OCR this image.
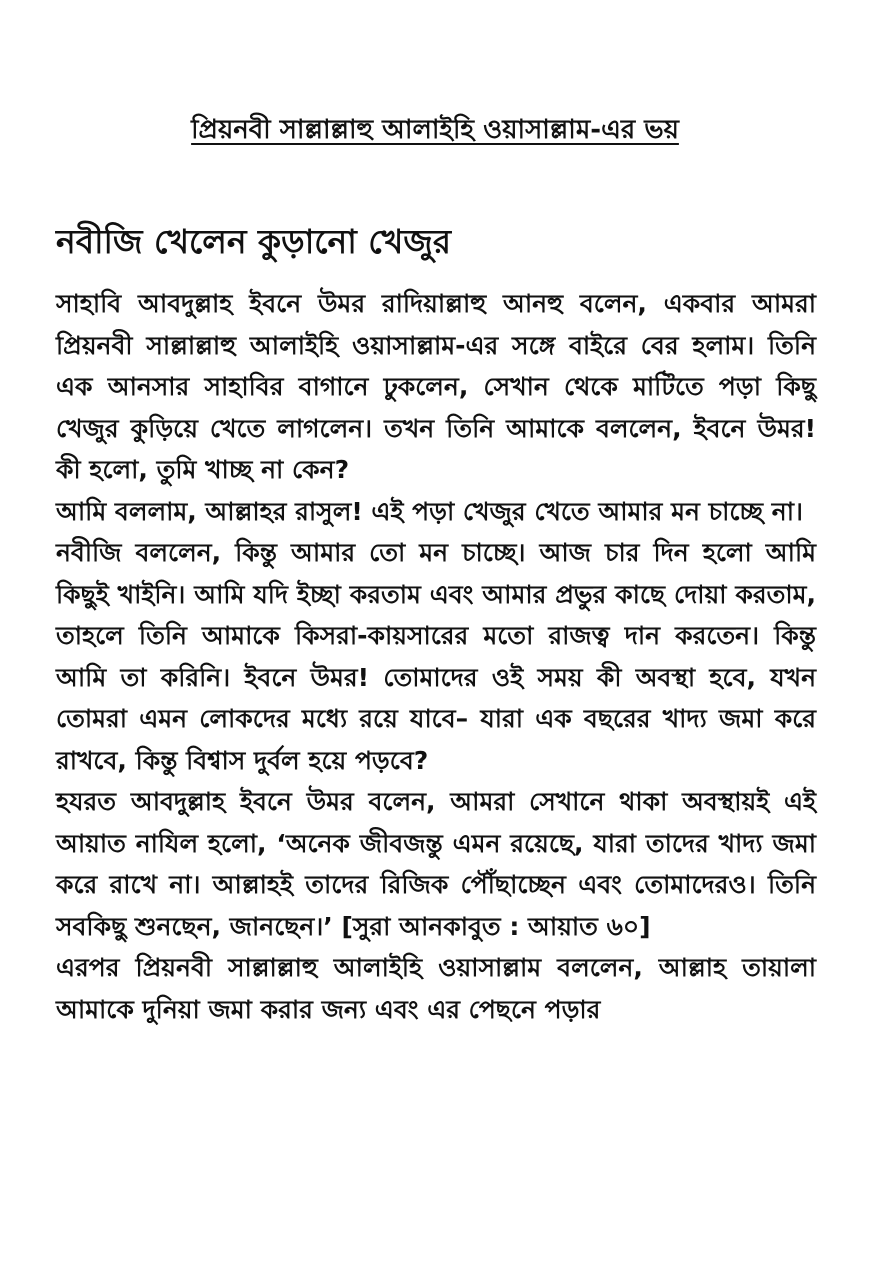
প্রিয়নবী সাল্লাল্লাহু আলাইহি ওয়াসাল্লাম-এর ভয়
নবীজি খেলেন কুড়ানো খেজুর

সাহাবি আবদুল্লাহ ইবনে উমর রাদিয়াল্লাহু আনহু বলেন, একবার আমরা প্রিয়নবী সাল্লাল্লাহু আলাইহি ওয়াসাল্লাম-এর সঙ্গে বাইরে বের হলাম। তিনি এক আনসার সাহাবির বাগানে ঢুকলেন, সেখান থেকে মাটিতে পড়া কিছু খেজুর কুড়িয়ে খেতে লাগলেন। তখন তিনি আমাকে বললেন, ইবনে উমর! কী হলো, তুমি খাচ্ছ না কেন?

আমি বললাম, আল্লাহর রাসুল! এই পড়া খেজুর খেতে আমার মন চাচ্ছে না।

নবীজি বললেন, কিন্তু আমার তো মন চাচ্ছে। আজ চার দিন হলো আমি কিছুই খাইনি। আমি যদি ইচ্ছা করতাম এবং আমার প্রভুর কাছে দোয়া করতাম, তাহলে তিনি আমাকে কিসরা-কায়সারের মতো রাজত্ব দান করতেন। কিন্তু আমি তা করিনি। ইবনে উমর! তোমাদের ওই সময় কী অবস্থা হবে, যখন তোমরা এমন লোকদের মধ্যে রয়ে যাবে– যারা এক বছরের খাদ্য জমা করে রাখবে, কিন্তু বিশ্বাস দুর্বল হয়ে পড়বে?

হযরত আবদুল্লাহ ইবনে উমর বলেন, আমরা সেখানে থাকা অবস্থায়ই এই আয়াত নাযিল হলো, ‘অনেক জীবজন্তু এমন রয়েছে, যারা তাদের খাদ্য জমা করে রাখে না। আল্লাহই তাদের রিজিক পৌঁছাচ্ছেন এবং তোমাদেরও। তিনি সবকিছু শুনছেন, জানছেন।’ [সুরা আনকাবুত : আয়াত ৬০]

এরপর প্রিয়নবী সাল্লাল্লাহু আলাইহি ওয়াসাল্লাম বললেন, আল্লাহ তায়ালা আমাকে দুনিয়া জমা করার জন্য এবং এর পেছনে পড়ার
